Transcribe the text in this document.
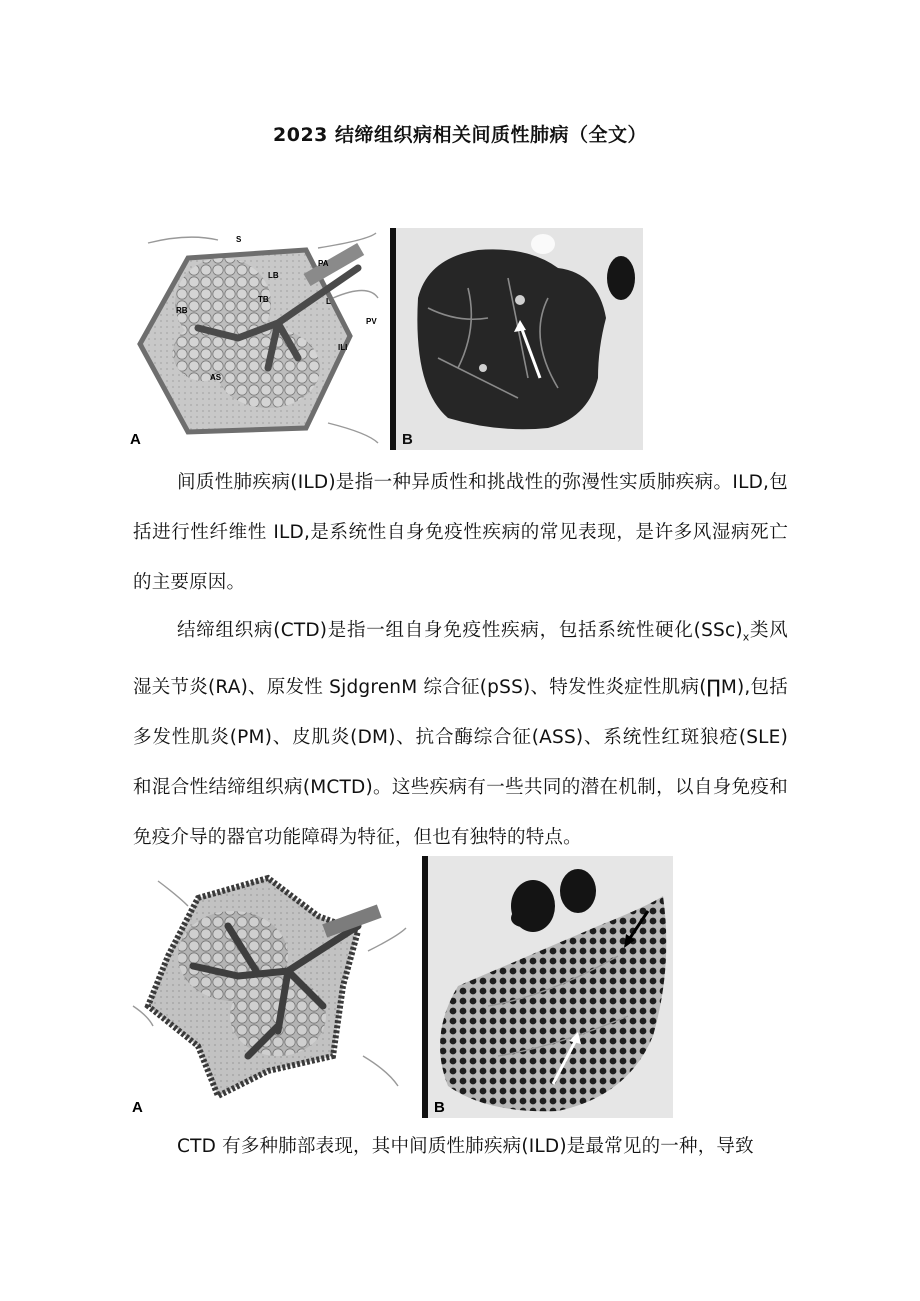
2023 结缔组织病相关间质性肺病（全文）
S
PA
LB
TB	L
PV
RB
ILI
AS
A	B

间质性肺疾病(ILD)是指一种异质性和挑战性的弥漫性实质肺疾病。ILD,包括进行性纤维性 ILD,是系统性自身免疫性疾病的常见表现，是许多风湿病死亡的主要原因。

结缔组织病(CTD)是指一组自身免疫性疾病，包括系统性硬化$(SSc)_x$类风湿关节炎(RA)、原发性 SjdgrenM 综合征(pSS)、特发性炎症性肌病(∏M),包括多发性肌炎(PM)、皮肌炎(DM)、抗合酶综合征(ASS)、系统性红斑狼疮(SLE)和混合性结缔组织病(MCTD)。这些疾病有一些共同的潜在机制，以自身免疫和免疫介导的器官功能障碍为特征，但也有独特的特点。

A	B

CTD 有多种肺部表现，其中间质性肺疾病(ILD)是最常见的一种，导致
